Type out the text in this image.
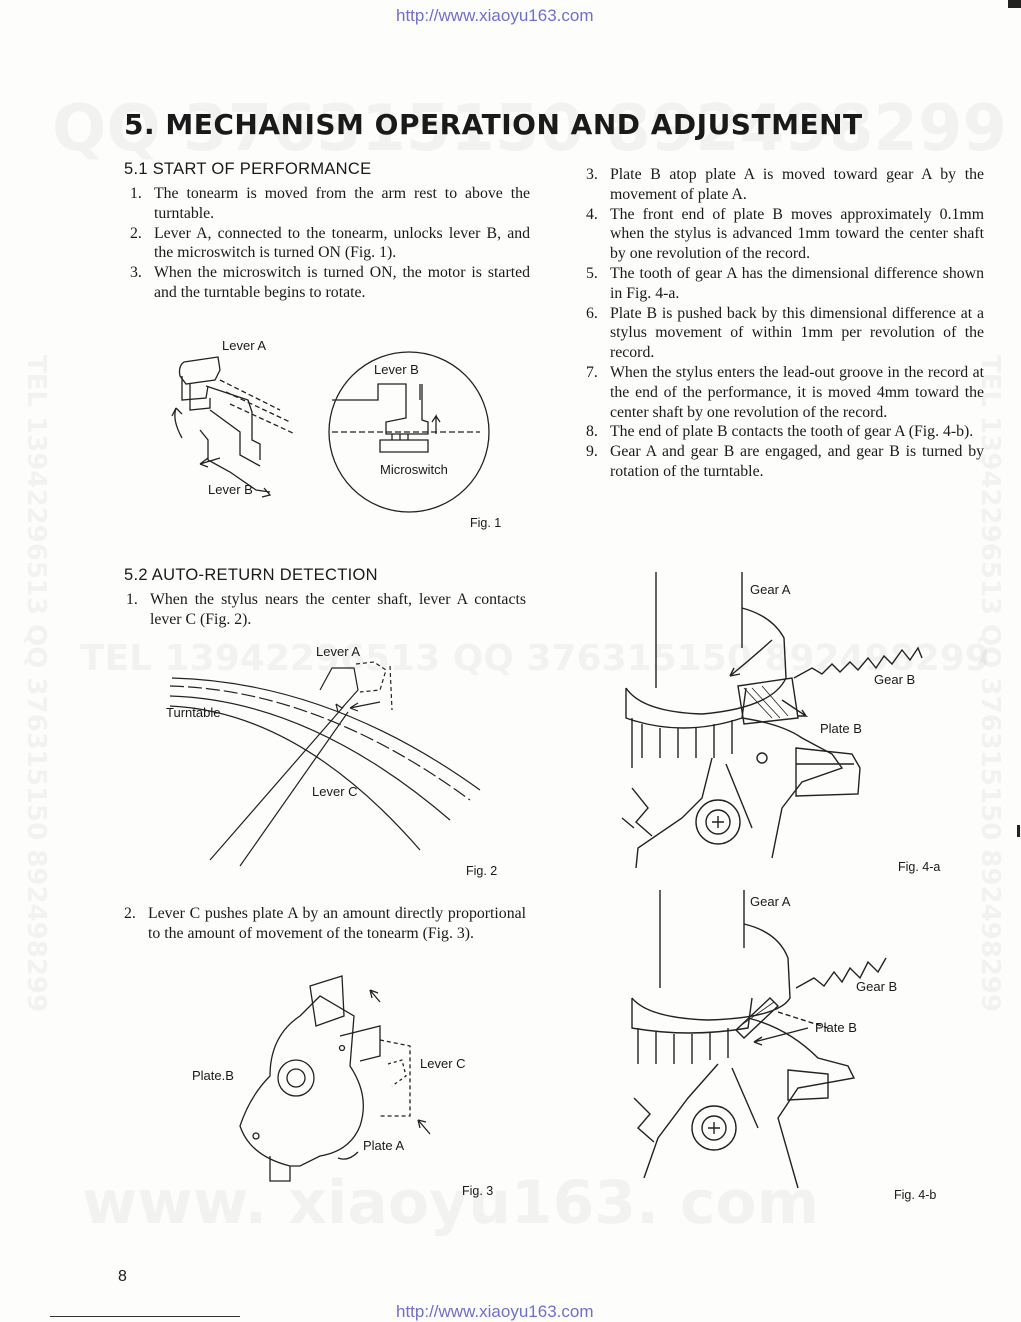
http://www.xiaoyu163.com
http://www.xiaoyu163.com
5. MECHANISM OPERATION AND ADJUSTMENT
5.1 START OF PERFORMANCE
1. The tonearm is moved from the arm rest to above the turntable.
2. Lever A, connected to the tonearm, unlocks lever B, and the microswitch is turned ON (Fig. 1).
3. When the microswitch is turned ON, the motor is started and the turntable begins to rotate.
Lever A
Lever B
Lever B
Microswitch
Fig. 1
5.2 AUTO-RETURN DETECTION
1. When the stylus nears the center shaft, lever A contacts lever C (Fig. 2).
Lever A
Turntable
Lever C
Fig. 2
2. Lever C pushes plate A by an amount directly proportional to the amount of movement of the tonearm (Fig. 3).
Plate.B
Lever C
Plate A
Fig. 3
3. Plate B atop plate A is moved toward gear A by the movement of plate A.
4. The front end of plate B moves approximately 0.1mm when the stylus is advanced 1mm toward the center shaft by one revolution of the record.
5. The tooth of gear A has the dimensional difference shown in Fig. 4-a.
6. Plate B is pushed back by this dimensional difference at a stylus movement of within 1mm per revolution of the record.
7. When the stylus enters the lead-out groove in the record at the end of the performance, it is moved 4mm toward the center shaft by one revolution of the record.
8. The end of plate B contacts the tooth of gear A (Fig. 4-b).
9. Gear A and gear B are engaged, and gear B is turned by rotation of the turntable.
Gear A
Gear B
Plate B
Fig. 4-a
Gear A
Gear B
Plate B
Fig. 4-b
8
